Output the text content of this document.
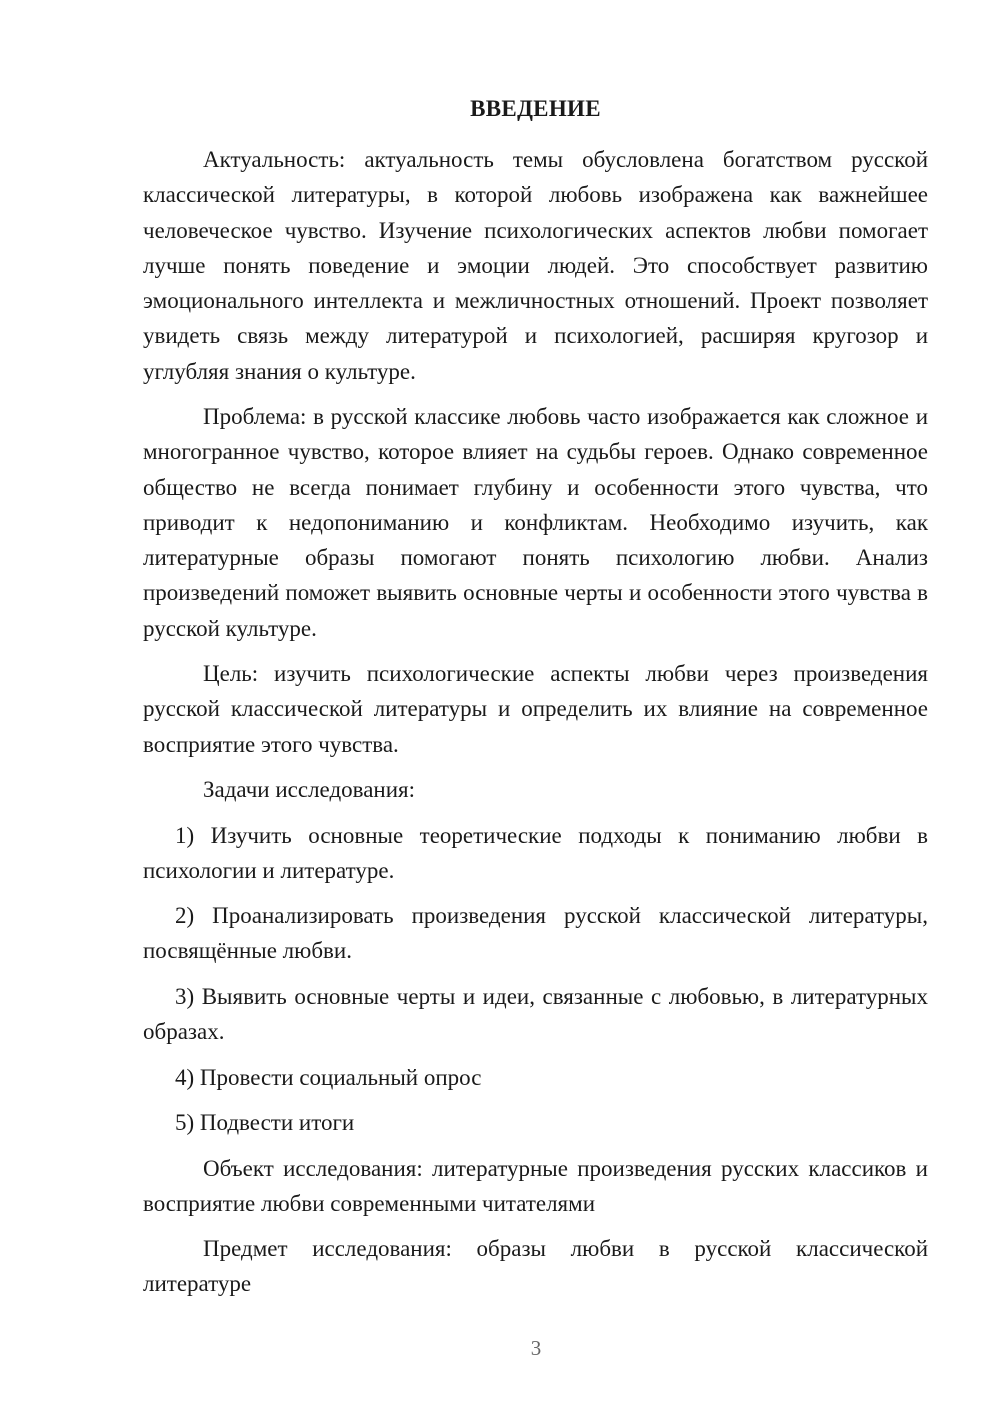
ВВЕДЕНИЕ

Актуальность: актуальность темы обусловлена богатством русской классической литературы, в которой любовь изображена как важнейшее человеческое чувство. Изучение психологических аспектов любви помогает лучше понять поведение и эмоции людей. Это способствует развитию эмоционального интеллекта и межличностных отношений. Проект позволяет увидеть связь между литературой и психологией, расширяя кругозор и углубляя знания о культуре.

Проблема: в русской классике любовь часто изображается как сложное и многогранное чувство, которое влияет на судьбы героев. Однако современное общество не всегда понимает глубину и особенности этого чувства, что приводит к недопониманию и конфликтам. Необходимо изучить, как литературные образы помогают понять психологию любви. Анализ произведений поможет выявить основные черты и особенности этого чувства в русской культуре.

Цель: изучить психологические аспекты любви через произведения русской классической литературы и определить их влияние на современное восприятие этого чувства.

Задачи исследования:

1) Изучить основные теоретические подходы к пониманию любви в психологии и литературе.

2) Проанализировать произведения русской классической литературы, посвящённые любви.

3) Выявить основные черты и идеи, связанные с любовью, в литературных образах.

4) Провести социальный опрос

5) Подвести итоги

Объект исследования: литературные произведения русских классиков и восприятие любви современными читателями

Предмет исследования: образы любви в русской классической литературе

3
